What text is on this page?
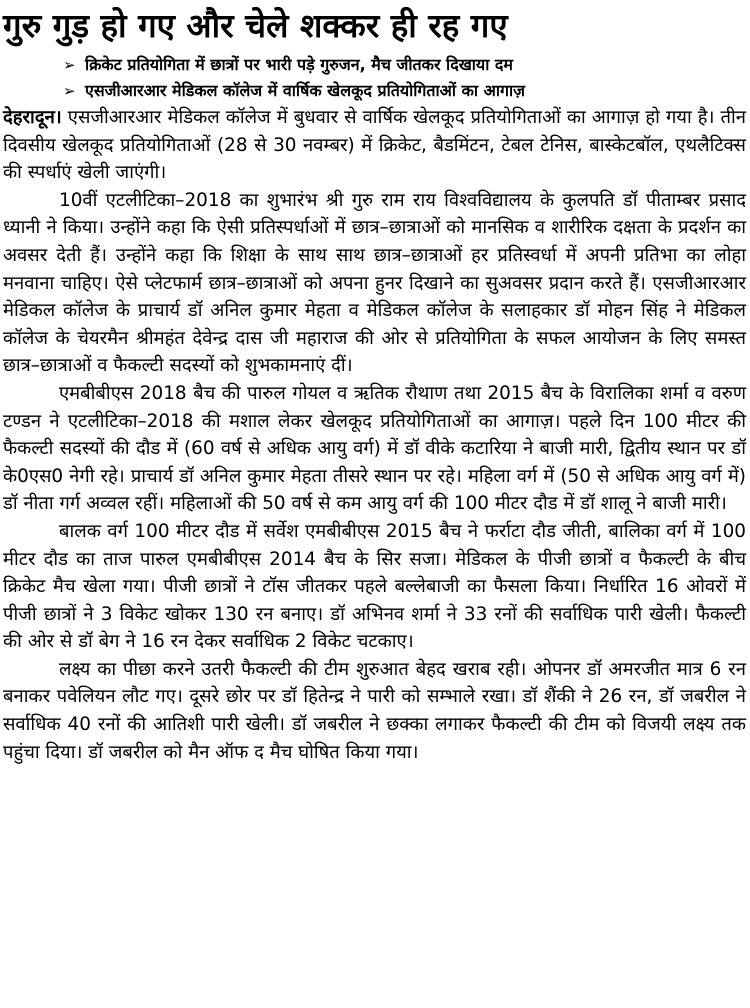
गुरु गुड़ हो गए और चेले शक्कर ही रह गए
➢ क्रिकेट प्रतियोगिता में छात्रों पर भारी पड़े गुरुजन, मैच जीतकर दिखाया दम
➢ एसजीआरआर मेडिकल कॉलेज में वार्षिक खेलकूद प्रतियोगिताओं का आगाज़

देहरादून। एसजीआरआर मेडिकल कॉलेज में बुधवार से वार्षिक खेलकूद प्रतियोगिताओं का आगाज़ हो गया है। तीन दिवसीय खेलकूद प्रतियोगिताओं (28 से 30 नवम्बर) में क्रिकेट, बैडमिंटन, टेबल टेनिस, बास्केटबॉल, एथलैटिक्स की स्पर्धाएं खेली जाएंगी।

10वीं एटलीटिका–2018 का शुभारंभ श्री गुरु राम राय विश्वविद्यालय के कुलपति डॉ पीताम्बर प्रसाद ध्यानी ने किया। उन्होंने कहा कि ऐसी प्रतिस्पर्धाओं में छात्र–छात्राओं को मानसिक व शारीरिक दक्षता के प्रदर्शन का अवसर देती हैं। उन्होंने कहा कि शिक्षा के साथ साथ छात्र–छात्राओं हर प्रतिस्वर्धा में अपनी प्रतिभा का लोहा मनवाना चाहिए। ऐसे प्लेटफार्म छात्र–छात्राओं को अपना हुनर दिखाने का सुअवसर प्रदान करते हैं। एसजीआरआर मेडिकल कॉलेज के प्राचार्य डॉ अनिल कुमार मेहता व मेडिकल कॉलेज के सलाहकार डॉ मोहन सिंह ने मेडिकल कॉलेज के चेयरमैन श्रीमहंत देवेन्द्र दास जी महाराज की ओर से प्रतियोगिता के सफल आयोजन के लिए समस्त छात्र–छात्राओं व फैकल्टी सदस्यों को शुभकामनाएं दीं।

एमबीबीएस 2018 बैच की पारुल गोयल व ऋतिक रौथाण तथा 2015 बैच के विरालिका शर्मा व वरुण टण्डन ने एटलीटिका–2018 की मशाल लेकर खेलकूद प्रतियोगिताओं का आगाज़। पहले दिन 100 मीटर की फैकल्टी सदस्यों की दौड में (60 वर्ष से अधिक आयु वर्ग) में डॉ वीके कटारिया ने बाजी मारी, द्वितीय स्थान पर डॉ के0एस0 नेगी रहे। प्राचार्य डॉ अनिल कुमार मेहता तीसरे स्थान पर रहे। महिला वर्ग में (50 से अधिक आयु वर्ग में) डॉ नीता गर्ग अव्वल रहीं। महिलाओं की 50 वर्ष से कम आयु वर्ग की 100 मीटर दौड में डॉ शालू ने बाजी मारी।

बालक वर्ग 100 मीटर दौड में सर्वेश एमबीबीएस 2015 बैच ने फर्राटा दौड जीती, बालिका वर्ग में 100 मीटर दौड का ताज पारुल एमबीबीएस 2014 बैच के सिर सजा। मेडिकल के पीजी छात्रों व फैकल्टी के बीच क्रिकेट मैच खेला गया। पीजी छात्रों ने टॉस जीतकर पहले बल्लेबाजी का फैसला किया। निर्धारित 16 ओवरों में पीजी छात्रों ने 3 विकेट खोकर 130 रन बनाए। डॉ अभिनव शर्मा ने 33 रनों की सर्वाधिक पारी खेली। फैकल्टी की ओर से डॉ बेग ने 16 रन देकर सर्वाधिक 2 विकेट चटकाए।

लक्ष्य का पीछा करने उतरी फैकल्टी की टीम शुरुआत बेहद खराब रही। ओपनर डॉ अमरजीत मात्र 6 रन बनाकर पवेलियन लौट गए। दूसरे छोर पर डॉ हितेन्द्र ने पारी को सम्भाले रखा। डॉ शैंकी ने 26 रन, डॉ जबरील ने सर्वाधिक 40 रनों की आतिशी पारी खेली। डॉ जबरील ने छक्का लगाकर फैकल्टी की टीम को विजयी लक्ष्य तक पहुंचा दिया। डॉ जबरील को मैन ऑफ द मैच घोषित किया गया।
